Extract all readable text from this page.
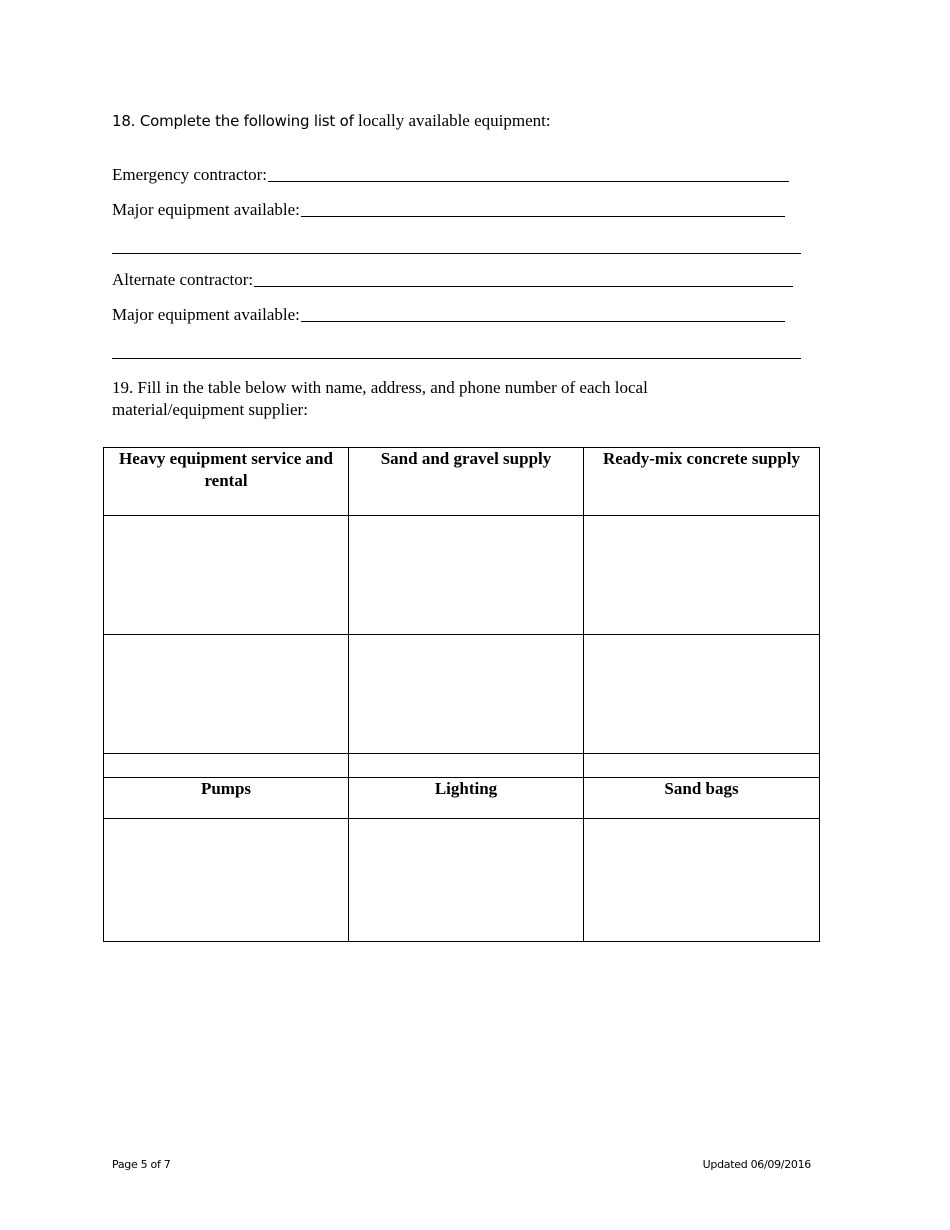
18. Complete the following list of locally available equipment:
Emergency contractor:
Major equipment available:
Alternate contractor:
Major equipment available:
19. Fill in the table below with name, address, and phone number of each local material/equipment supplier:
Heavy equipment service and rental	Sand and gravel supply	Ready-mix concrete supply

Pumps	Lighting	Sand bags

Page 5 of 7	Updated 06/09/2016
